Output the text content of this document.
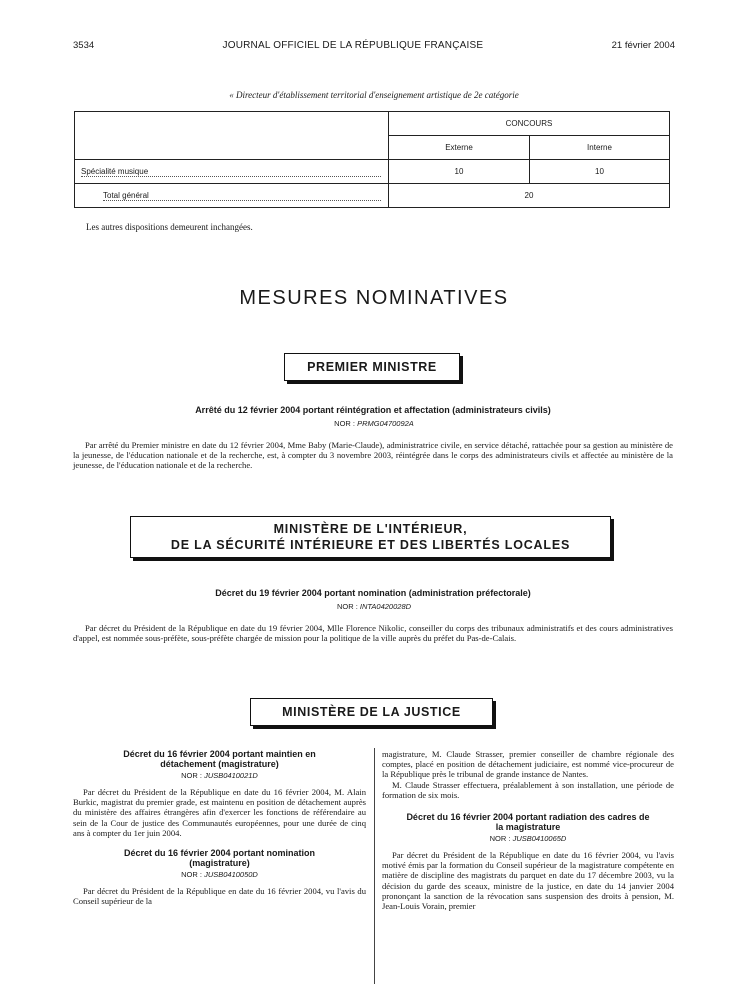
3534	JOURNAL OFFICIEL DE LA RÉPUBLIQUE FRANÇAISE	21 février 2004
« Directeur d'établissement territorial d'enseignement artistique de 2e catégorie
	CONCOURS	
	Externe	Interne
Spécialité musique	10	10
Total général	20	
Les autres dispositions demeurent inchangées.
MESURES NOMINATIVES
PREMIER MINISTRE
Arrêté du 12 février 2004 portant réintégration et affectation (administrateurs civils)
NOR : PRMG0470092A

Par arrêté du Premier ministre en date du 12 février 2004, Mme Baby (Marie-Claude), administratrice civile, en service détaché, rattachée pour sa gestion au ministère de la jeunesse, de l'éducation nationale et de la recherche, est, à compter du 3 novembre 2003, réintégrée dans le corps des administrateurs civils et affectée au ministère de la jeunesse, de l'éducation nationale et de la recherche.

MINISTÈRE DE L'INTÉRIEUR,
DE LA SÉCURITÉ INTÉRIEURE ET DES LIBERTÉS LOCALES
Décret du 19 février 2004 portant nomination (administration préfectorale)
NOR : INTA0420028D

Par décret du Président de la République en date du 19 février 2004, Mlle Florence Nikolic, conseiller du corps des tribunaux administratifs et des cours administratives d'appel, est nommée sous-préfète, sous-préfète chargée de mission pour la politique de la ville auprès du préfet du Pas-de-Calais.

MINISTÈRE DE LA JUSTICE
Décret du 16 février 2004 portant maintien en détachement (magistrature)
NOR : JUSB0410021D

Par décret du Président de la République en date du 16 février 2004, M. Alain Burkic, magistrat du premier grade, est maintenu en position de détachement auprès du ministère des affaires étrangères afin d'exercer les fonctions de référendaire au sein de la Cour de justice des Communautés européennes, pour une durée de cinq ans à compter du 1er juin 2004.

Décret du 16 février 2004 portant nomination (magistrature)
NOR : JUSB0410050D

Par décret du Président de la République en date du 16 février 2004, vu l'avis du Conseil supérieur de la

magistrature, M. Claude Strasser, premier conseiller de chambre régionale des comptes, placé en position de détachement judiciaire, est nommé vice-procureur de la République près le tribunal de grande instance de Nantes.

M. Claude Strasser effectuera, préalablement à son installation, une période de formation de six mois.

Décret du 16 février 2004 portant radiation des cadres de la magistrature
NOR : JUSB0410065D

Par décret du Président de la République en date du 16 février 2004, vu l'avis motivé émis par la formation du Conseil supérieur de la magistrature compétente en matière de discipline des magistrats du parquet en date du 17 décembre 2003, vu la décision du garde des sceaux, ministre de la justice, en date du 14 janvier 2004 prononçant la sanction de la révocation sans suspension des droits à pension, M. Jean-Louis Vorain, premier
